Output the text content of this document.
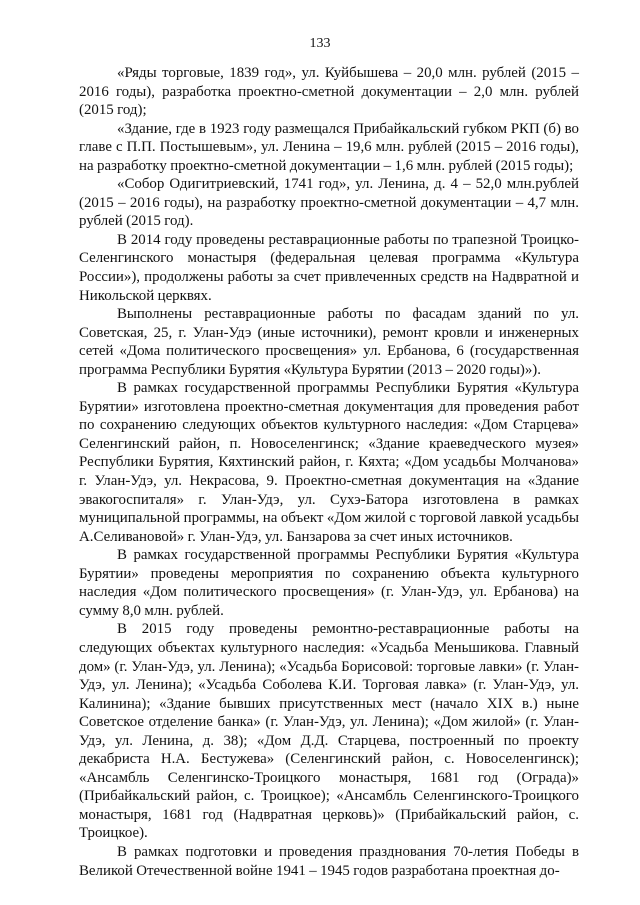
133

«Ряды торговые, 1839 год», ул. Куйбышева – 20,0 млн. рублей (2015 – 2016 годы), разработка проектно-сметной документации – 2,0 млн. рублей (2015 год);

«Здание, где в 1923 году размещался Прибайкальский губком РКП (б) во главе с П.П. Постышевым», ул. Ленина – 19,6 млн. рублей (2015 – 2016 годы), на разработку проектно-сметной документации – 1,6 млн. рублей (2015 годы);

«Собор Одигитриевский, 1741 год», ул. Ленина, д. 4 – 52,0 млн.рублей (2015 – 2016 годы), на разработку проектно-сметной документации – 4,7 млн. рублей (2015 год).

В 2014 году проведены реставрационные работы по трапезной Троицко-Селенгинского монастыря (федеральная целевая программа «Культура России»), продолжены работы за счет привлеченных средств на Надвратной и Никольской церквях.

Выполнены реставрационные работы по фасадам зданий по ул. Советская, 25, г. Улан-Удэ (иные источники), ремонт кровли и инженерных сетей «Дома политического просвещения» ул. Ербанова, 6 (государственная программа Республики Бурятия «Культура Бурятии (2013 – 2020 годы)»).

В рамках государственной программы Республики Бурятия «Культура Бурятии» изготовлена проектно-сметная документация для проведения работ по сохранению следующих объектов культурного наследия: «Дом Старцева» Селенгинский район, п. Новоселенгинск; «Здание краеведческого музея» Республики Бурятия, Кяхтинский район, г. Кяхта; «Дом усадьбы Молчанова» г. Улан-Удэ, ул. Некрасова, 9. Проектно-сметная документация на «Здание эвакогоспиталя» г. Улан-Удэ, ул. Сухэ-Батора изготовлена в рамках муниципальной программы, на объект «Дом жилой с торговой лавкой усадьбы А.Селивановой» г. Улан-Удэ, ул. Банзарова за счет иных источников.

В рамках государственной программы Республики Бурятия «Культура Бурятии» проведены мероприятия по сохранению объекта культурного наследия «Дом политического просвещения» (г. Улан-Удэ, ул. Ербанова) на сумму 8,0 млн. рублей.

В 2015 году проведены ремонтно-реставрационные работы на следующих объектах культурного наследия: «Усадьба Меньшикова. Главный дом» (г. Улан-Удэ, ул. Ленина); «Усадьба Борисовой: торговые лавки» (г. Улан-Удэ, ул. Ленина); «Усадьба Соболева К.И. Торговая лавка» (г. Улан-Удэ, ул. Калинина); «Здание бывших присутственных мест (начало XIX в.) ныне Советское отделение банка» (г. Улан-Удэ, ул. Ленина); «Дом жилой» (г. Улан-Удэ, ул. Ленина, д. 38); «Дом Д.Д. Старцева, построенный по проекту декабриста Н.А. Бестужева» (Селенгинский район, с. Новоселенгинск); «Ансамбль Селенгинско-Троицкого монастыря, 1681 год (Ограда)» (Прибайкальский район, с. Троицкое); «Ансамбль Селенгинского-Троицкого монастыря, 1681 год (Надвратная церковь)» (Прибайкальский район, с. Троицкое).

В рамках подготовки и проведения празднования 70-летия Победы в Великой Отечественной войне 1941 – 1945 годов разработана проектная до-
